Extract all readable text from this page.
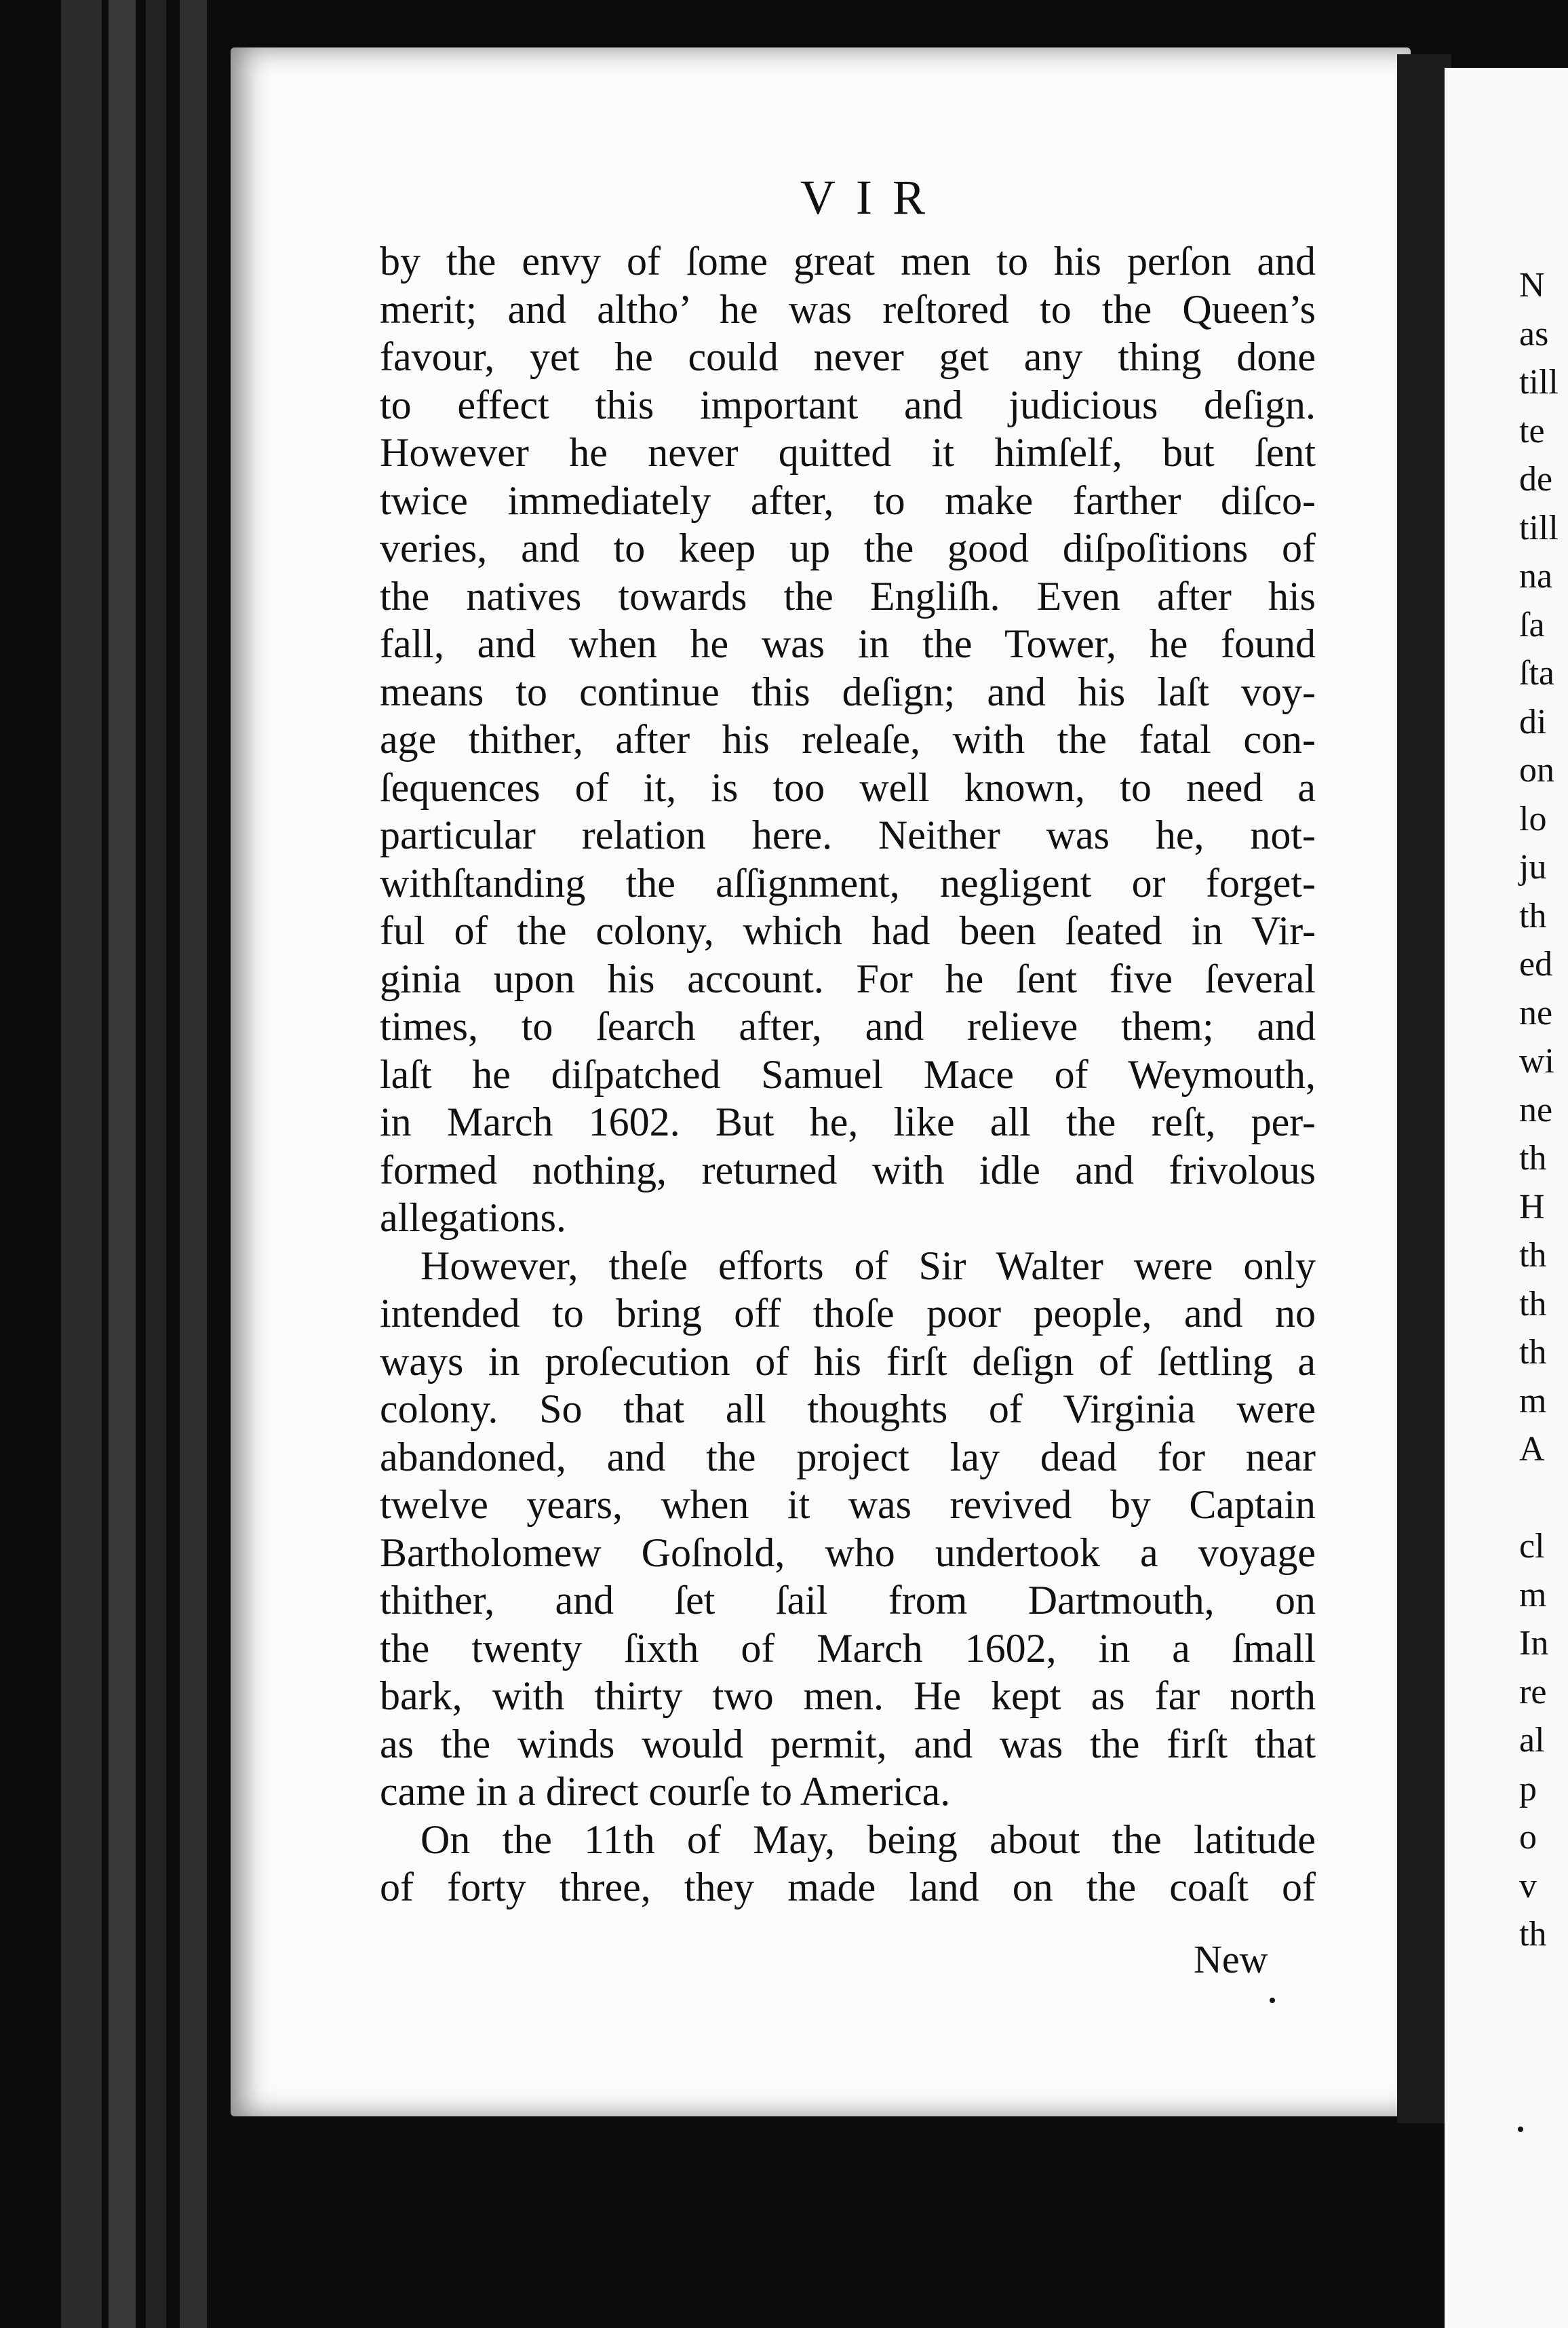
VIR
by the envy of ſome great men to his perſon and
merit; and altho’ he was reſtored to the Queen’s
favour, yet he could never get any thing done
to effect this important and judicious deſign.
However he never quitted it himſelf, but ſent
twice immediately after, to make farther diſco-
veries, and to keep up the good diſpoſitions of
the natives towards the Engliſh. Even after his
fall, and when he was in the Tower, he found
means to continue this deſign; and his laſt voy-
age thither, after his releaſe, with the fatal con-
ſequences of it, is too well known, to need a
particular relation here. Neither was he, not-
withſtanding the aſſignment, negligent or forget-
ful of the colony, which had been ſeated in Vir-
ginia upon his account. For he ſent five ſeveral
times, to ſearch after, and relieve them; and
laſt he diſpatched Samuel Mace of Weymouth,
in March 1602. But he, like all the reſt, per-
formed nothing, returned with idle and frivolous
allegations.
However, theſe efforts of Sir Walter were only
intended to bring off thoſe poor people, and no
ways in proſecution of his firſt deſign of ſettling a
colony. So that all thoughts of Virginia were
abandoned, and the project lay dead for near
twelve years, when it was revived by Captain
Bartholomew Goſnold, who undertook a voyage
thither, and ſet ſail from Dartmouth, on
the twenty ſixth of March 1602, in a ſmall
bark, with thirty two men. He kept as far north
as the winds would permit, and was the firſt that
came in a direct courſe to America.
On the 11th of May, being about the latitude
of forty three, they made land on the coaſt of
New
N
as
till
te
de
till
na
ſa
ſta
di
on
lo
ju
th
ed
ne
wi
ne
th
H
th
th
th
m
A

cl
m
In
re
al
p
o
v
th
